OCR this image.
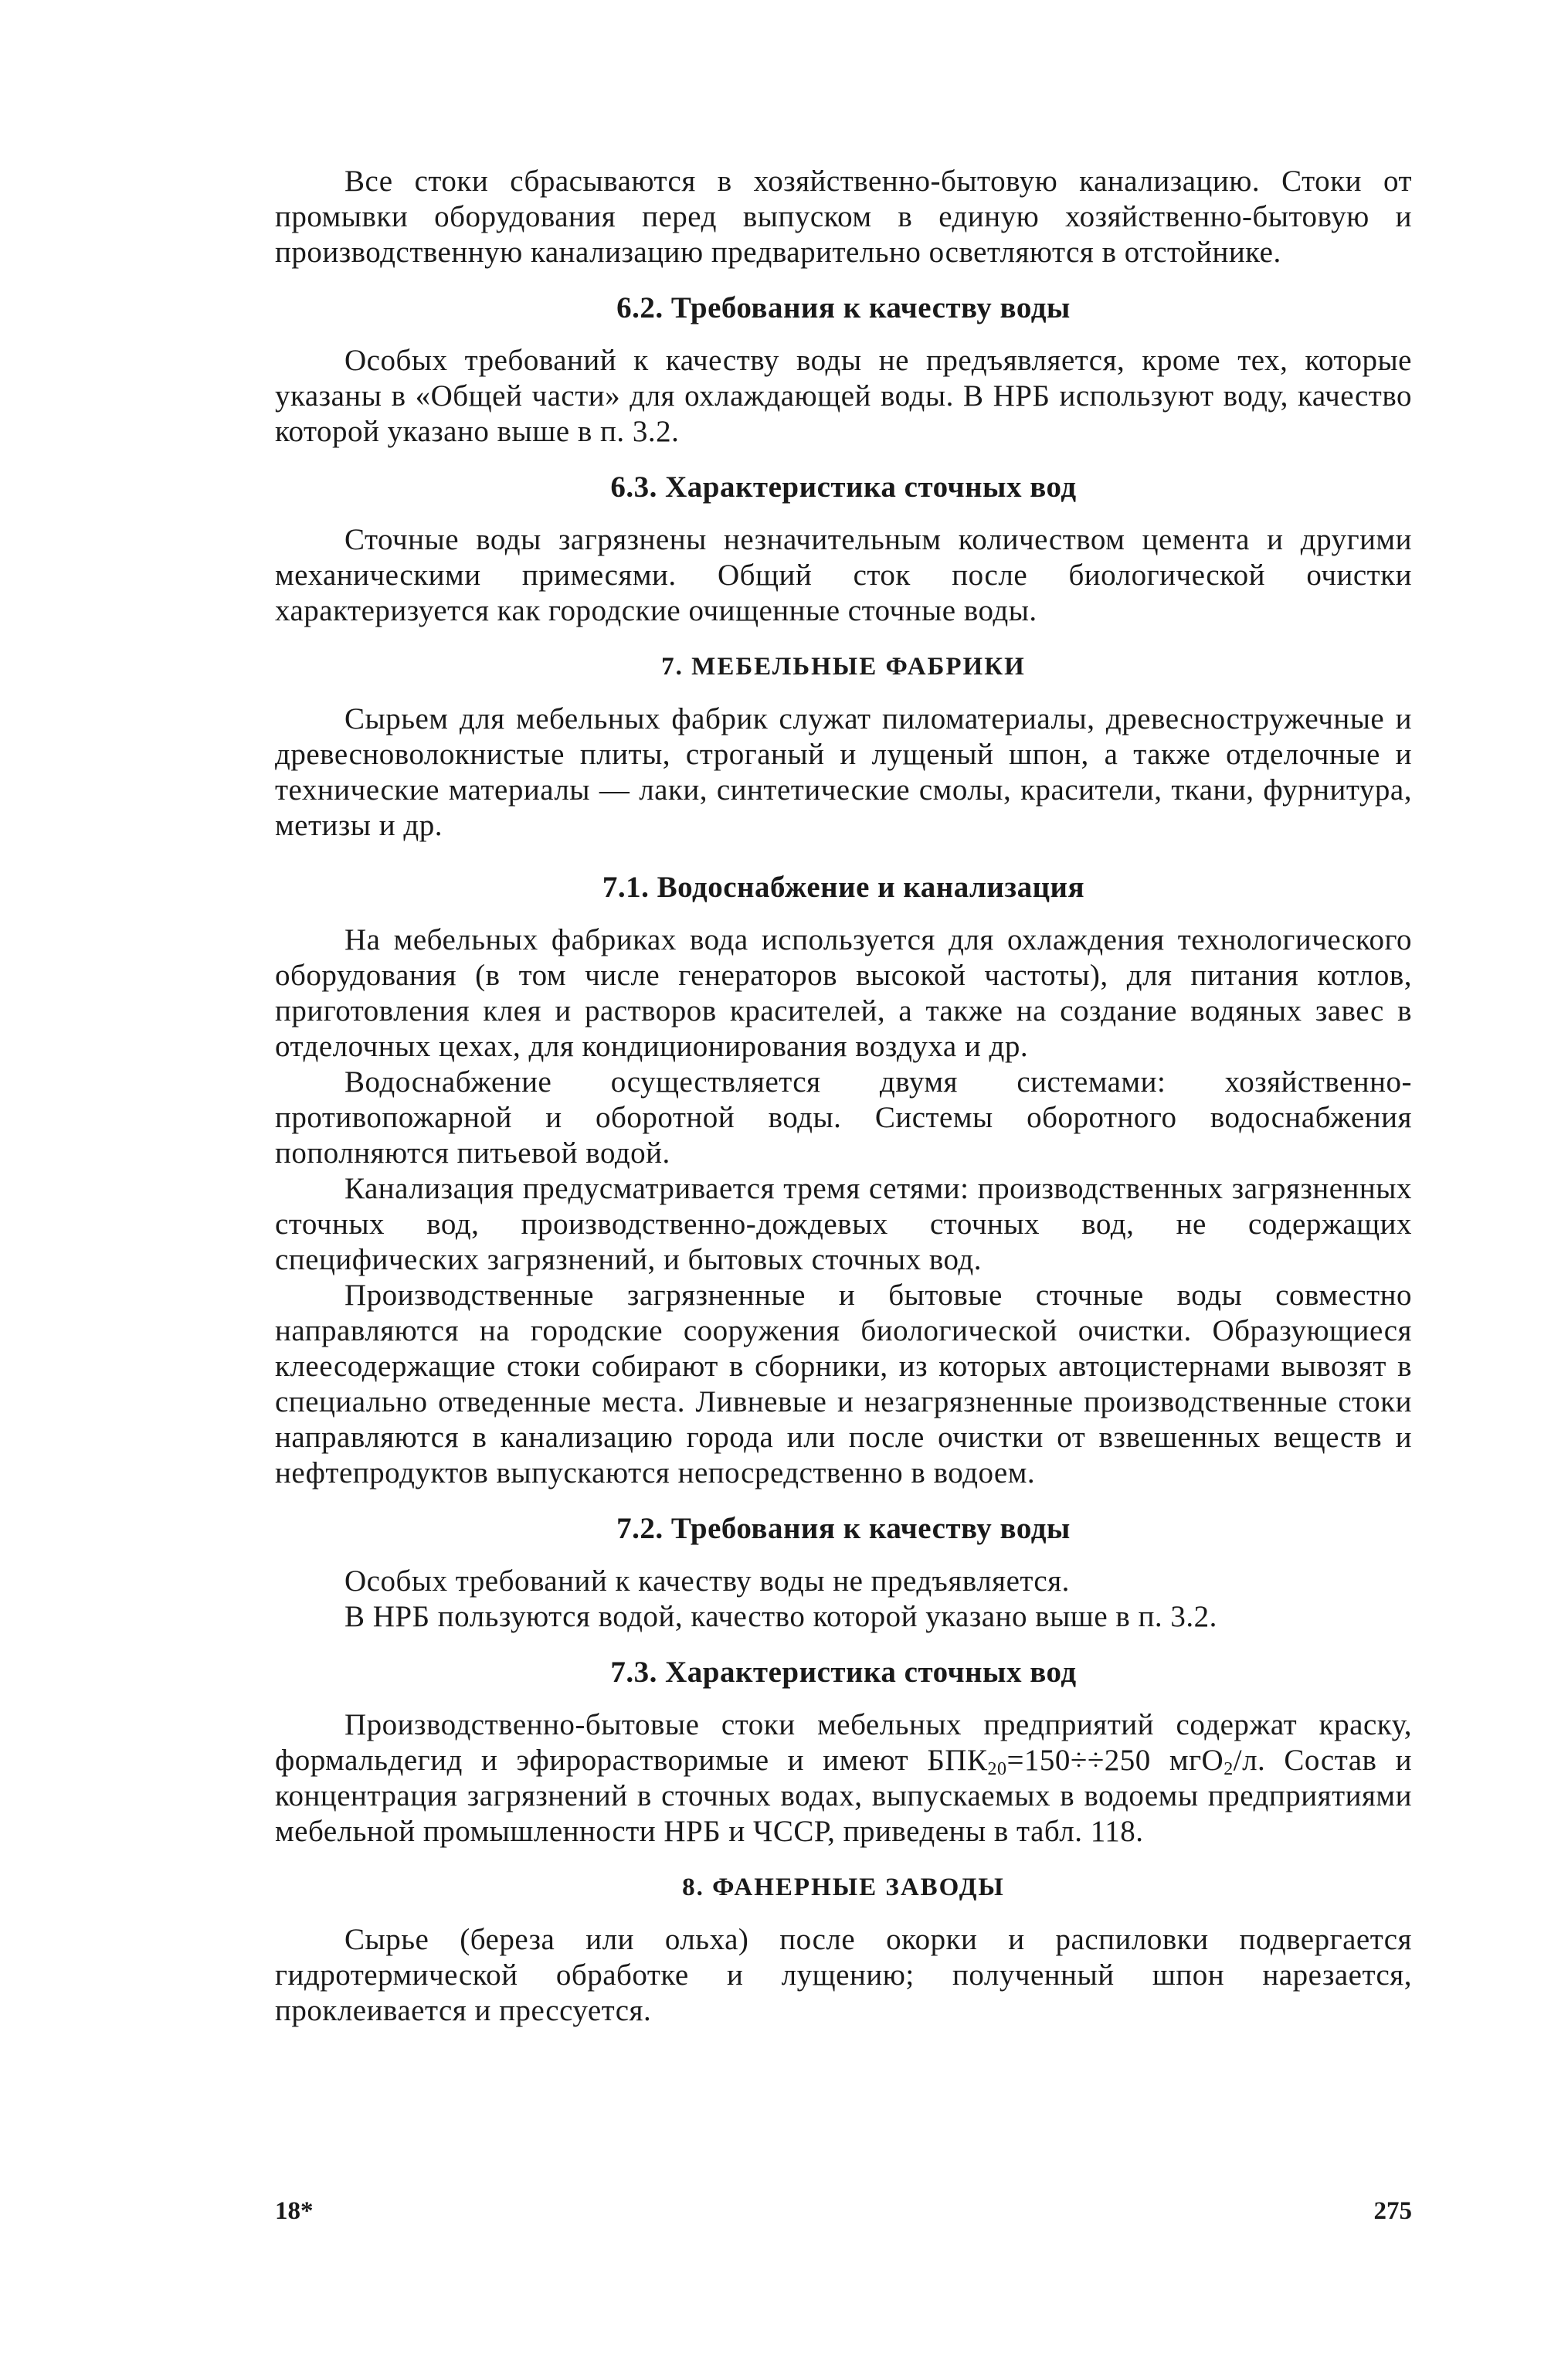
Все стоки сбрасываются в хозяйственно-бытовую канализацию. Стоки от промывки оборудования перед выпуском в единую хозяйственно-бытовую и производственную канализацию предварительно осветляются в отстойнике.

6.2. Требования к качеству воды

Особых требований к качеству воды не предъявляется, кроме тех, которые указаны в «Общей части» для охлаждающей воды. В НРБ используют воду, качество которой указано выше в п. 3.2.

6.3. Характеристика сточных вод

Сточные воды загрязнены незначительным количеством цемента и другими механическими примесями. Общий сток после биологической очистки характеризуется как городские очищенные сточные воды.

7. МЕБЕЛЬНЫЕ ФАБРИКИ

Сырьем для мебельных фабрик служат пиломатериалы, древесностружечные и древесноволокнистые плиты, строганый и лущеный шпон, а также отделочные и технические материалы — лаки, синтетические смолы, красители, ткани, фурнитура, метизы и др.

7.1. Водоснабжение и канализация

На мебельных фабриках вода используется для охлаждения технологического оборудования (в том числе генераторов высокой частоты), для питания котлов, приготовления клея и растворов красителей, а также на создание водяных завес в отделочных цехах, для кондиционирования воздуха и др.

Водоснабжение осуществляется двумя системами: хозяйственно-противопожарной и оборотной воды. Системы оборотного водоснабжения пополняются питьевой водой.

Канализация предусматривается тремя сетями: производственных загрязненных сточных вод, производственно-дождевых сточных вод, не содержащих специфических загрязнений, и бытовых сточных вод.

Производственные загрязненные и бытовые сточные воды совместно направляются на городские сооружения биологической очистки. Образующиеся клеесодержащие стоки собирают в сборники, из которых автоцистернами вывозят в специально отведенные места. Ливневые и незагрязненные производственные стоки направляются в канализацию города или после очистки от взвешенных веществ и нефтепродуктов выпускаются непосредственно в водоем.

7.2. Требования к качеству воды

Особых требований к качеству воды не предъявляется.

В НРБ пользуются водой, качество которой указано выше в п. 3.2.

7.3. Характеристика сточных вод

Производственно-бытовые стоки мебельных предприятий содержат краску, формальдегид и эфирорастворимые и имеют $БПК_{20}=150\div\div 250$ мгО$_2$/л. Состав и концентрация загрязнений в сточных водах, выпускаемых в водоемы предприятиями мебельной промышленности НРБ и ЧССР, приведены в табл. 118.

8. ФАНЕРНЫЕ ЗАВОДЫ

Сырье (береза или ольха) после окорки и распиловки подвергается гидротермической обработке и лущению; полученный шпон нарезается, проклеивается и прессуется.

18*	275
